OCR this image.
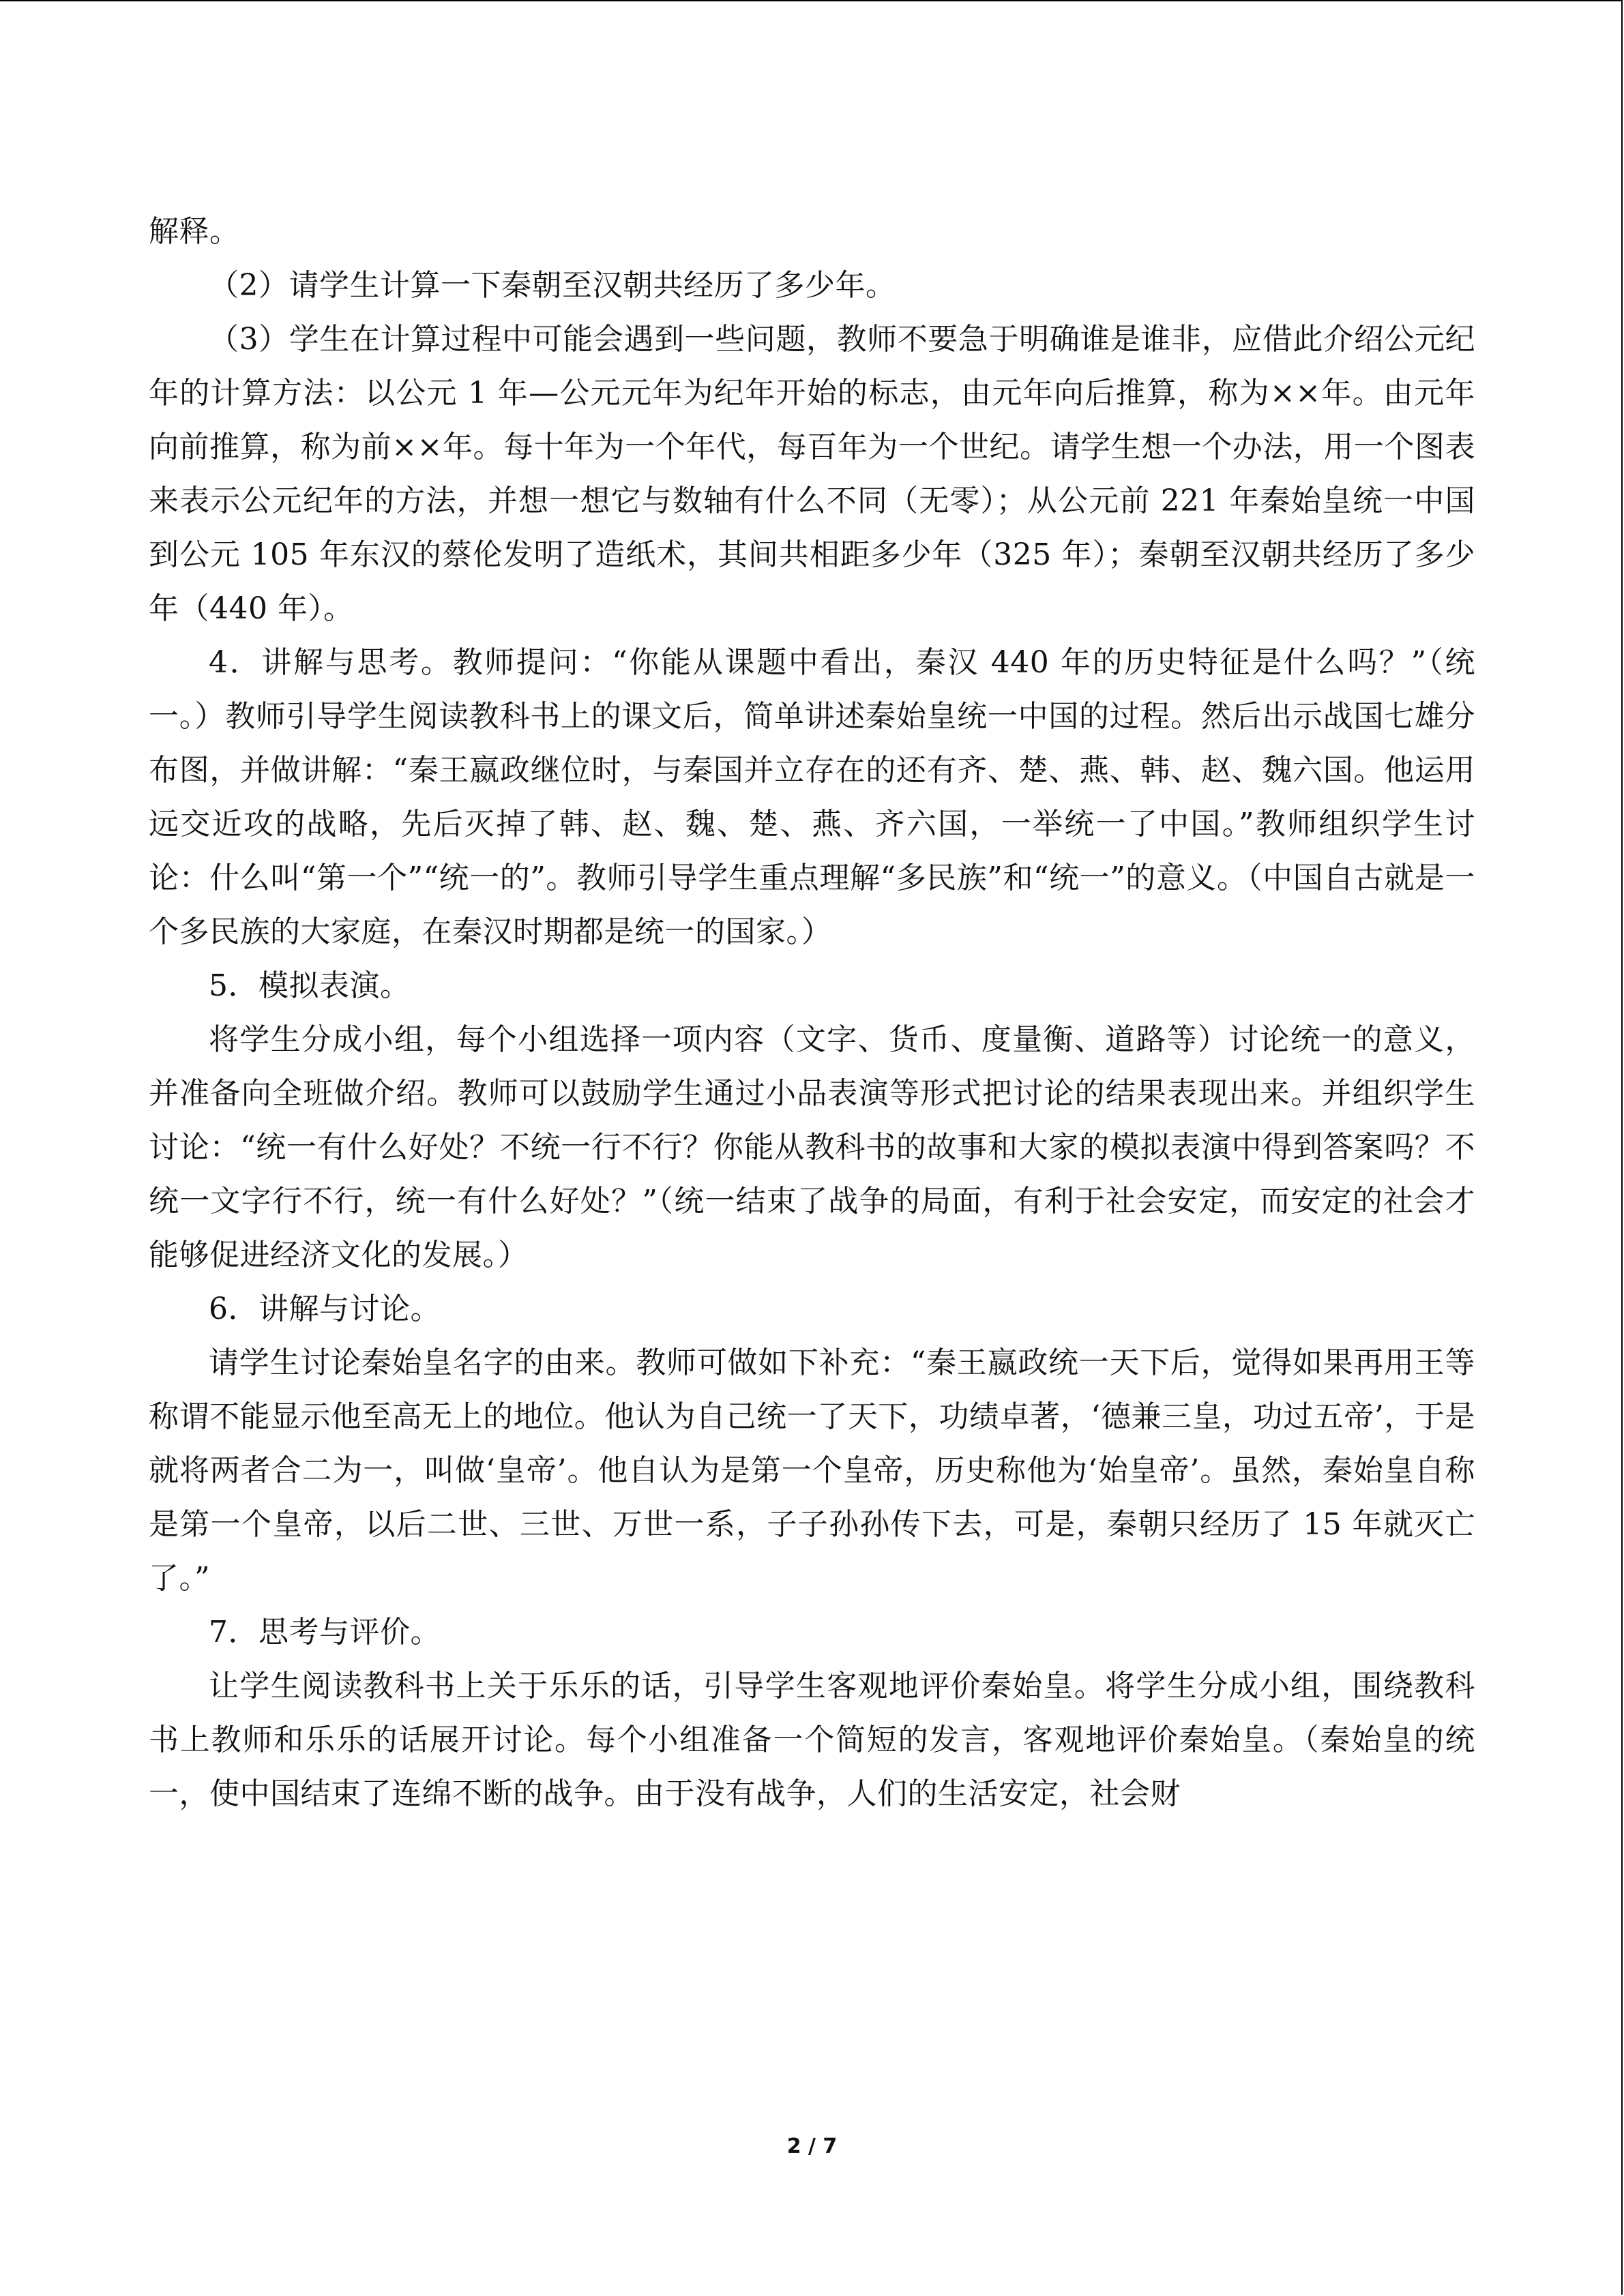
解释。

（2）请学生计算一下秦朝至汉朝共经历了多少年。

（3）学生在计算过程中可能会遇到一些问题，教师不要急于明确谁是谁非，应借此介绍公元纪年的计算方法：以公元 1 年—公元元年为纪年开始的标志，由元年向后推算，称为××年。由元年向前推算，称为前××年。每十年为一个年代，每百年为一个世纪。请学生想一个办法，用一个图表来表示公元纪年的方法，并想一想它与数轴有什么不同（无零）；从公元前 221 年秦始皇统一中国到公元 105 年东汉的蔡伦发明了造纸术，其间共相距多少年（325 年）；秦朝至汉朝共经历了多少年（440 年）。

4．讲解与思考。教师提问：“你能从课题中看出，秦汉 440 年的历史特征是什么吗？”（统一。）教师引导学生阅读教科书上的课文后，简单讲述秦始皇统一中国的过程。然后出示战国七雄分布图，并做讲解：“秦王嬴政继位时，与秦国并立存在的还有齐、楚、燕、韩、赵、魏六国。他运用远交近攻的战略，先后灭掉了韩、赵、魏、楚、燕、齐六国，一举统一了中国。”教师组织学生讨论：什么叫“第一个”“统一的”。教师引导学生重点理解“多民族”和“统一”的意义。（中国自古就是一个多民族的大家庭，在秦汉时期都是统一的国家。）

5．模拟表演。

将学生分成小组，每个小组选择一项内容（文字、货币、度量衡、道路等）讨论统一的意义，并准备向全班做介绍。教师可以鼓励学生通过小品表演等形式把讨论的结果表现出来。并组织学生讨论：“统一有什么好处？不统一行不行？你能从教科书的故事和大家的模拟表演中得到答案吗？不统一文字行不行，统一有什么好处？”（统一结束了战争的局面，有利于社会安定，而安定的社会才能够促进经济文化的发展。）

6．讲解与讨论。

请学生讨论秦始皇名字的由来。教师可做如下补充：“秦王嬴政统一天下后，觉得如果再用王等称谓不能显示他至高无上的地位。他认为自己统一了天下，功绩卓著，‘德兼三皇，功过五帝’，于是就将两者合二为一，叫做‘皇帝’。他自认为是第一个皇帝，历史称他为‘始皇帝’。虽然，秦始皇自称是第一个皇帝，以后二世、三世、万世一系，子子孙孙传下去，可是，秦朝只经历了 15 年就灭亡了。”

7．思考与评价。

让学生阅读教科书上关于乐乐的话，引导学生客观地评价秦始皇。将学生分成小组，围绕教科书上教师和乐乐的话展开讨论。每个小组准备一个简短的发言，客观地评价秦始皇。（秦始皇的统一，使中国结束了连绵不断的战争。由于没有战争，人们的生活安定，社会财

2 / 7
